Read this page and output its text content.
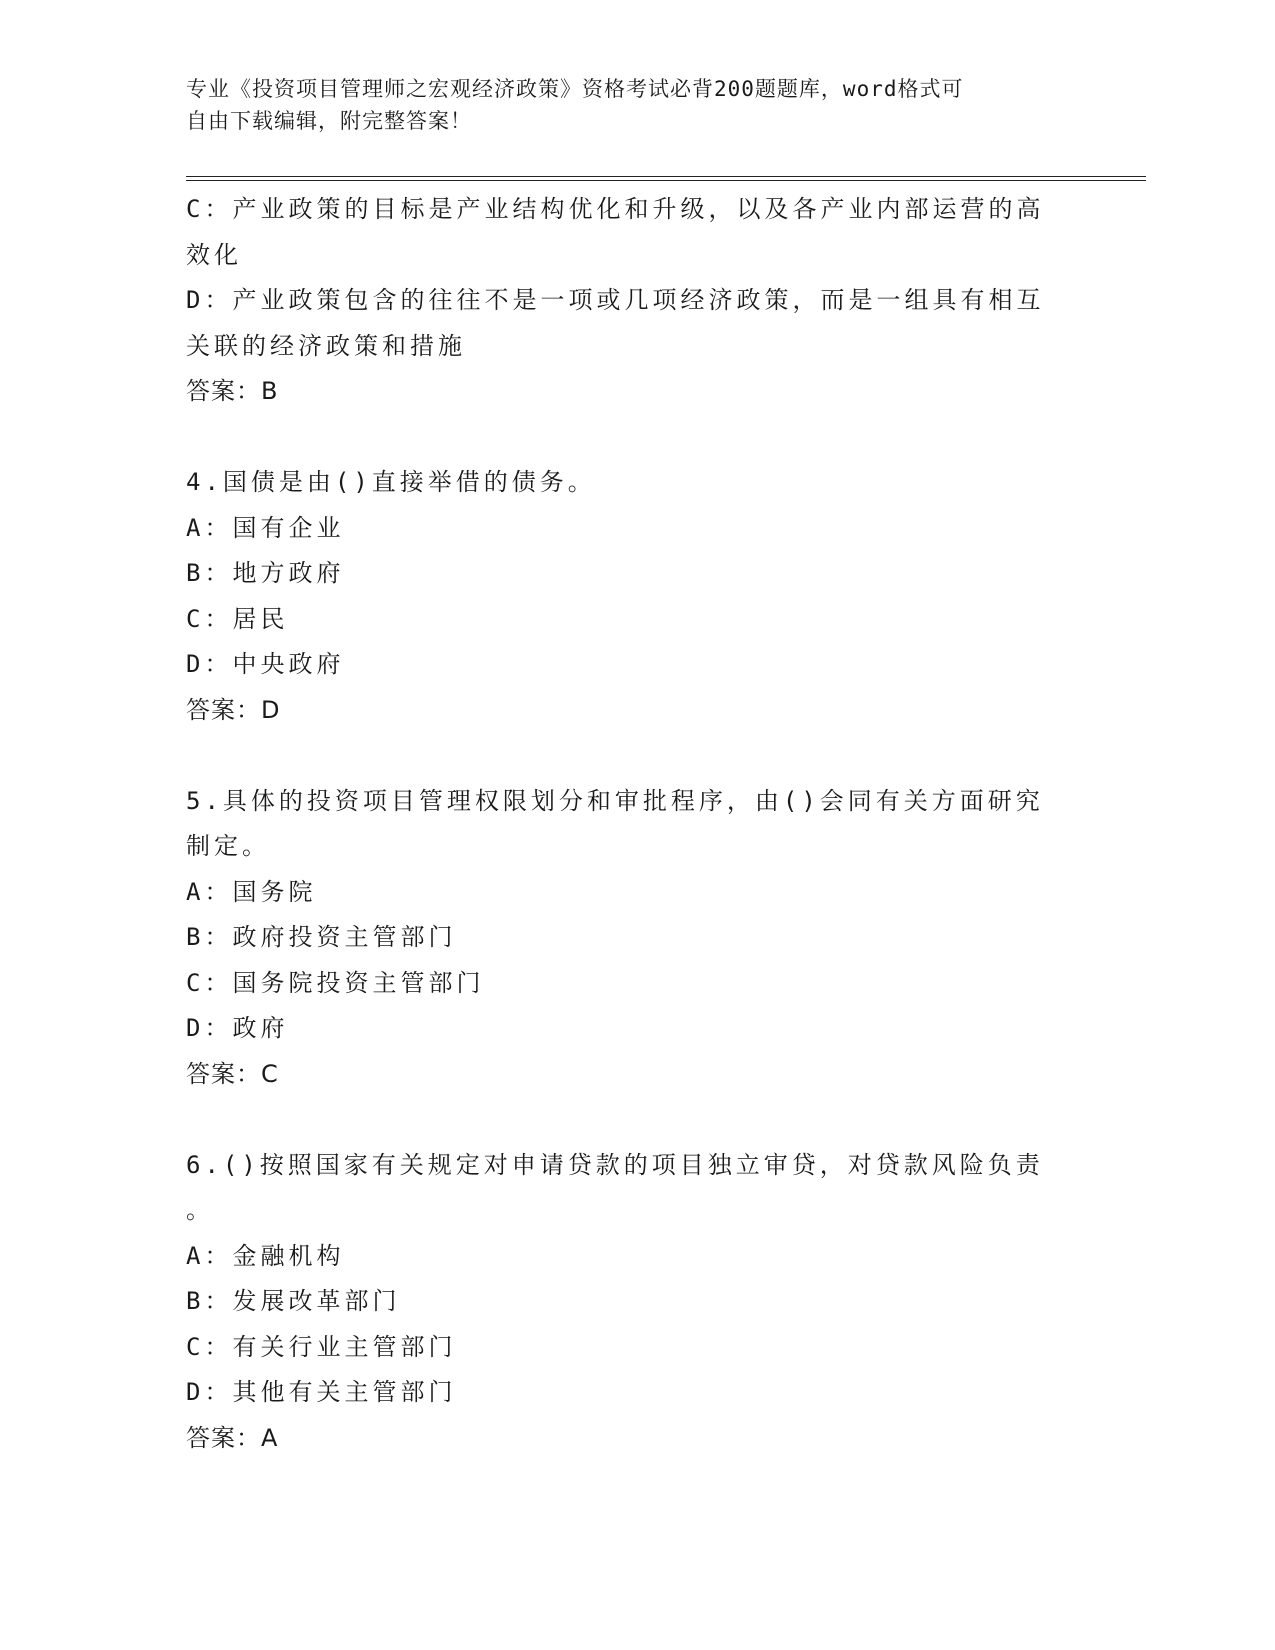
专业《投资项目管理师之宏观经济政策》资格考试必背200题题库，word格式可
自由下载编辑，附完整答案！
C：产业政策的目标是产业结构优化和升级，以及各产业内部运营的高
效化
D：产业政策包含的往往不是一项或几项经济政策，而是一组具有相互
关联的经济政策和措施
答案：B
4.国债是由()直接举借的债务。
A：国有企业
B：地方政府
C：居民
D：中央政府
答案：D
5.具体的投资项目管理权限划分和审批程序，由()会同有关方面研究
制定。
A：国务院
B：政府投资主管部门
C：国务院投资主管部门
D：政府
答案：C
6.()按照国家有关规定对申请贷款的项目独立审贷，对贷款风险负责
。
A：金融机构
B：发展改革部门
C：有关行业主管部门
D：其他有关主管部门
答案：A
